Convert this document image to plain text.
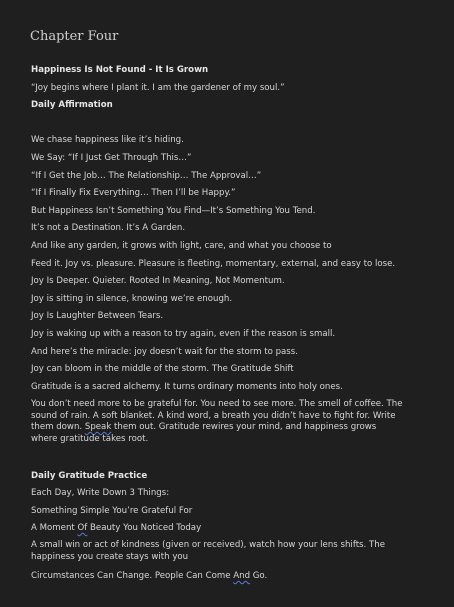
Chapter Four
Happiness Is Not Found - It Is Grown
“Joy begins where I plant it. I am the gardener of my soul.”
Daily Affirmation
We chase happiness like it’s hiding.
We Say: “If I Just Get Through This…”
“If I Get the Job… The Relationship… The Approval…”
“If I Finally Fix Everything… Then I’ll be Happy.”
But Happiness Isn’t Something You Find—It’s Something You Tend.
It’s not a Destination. It’s A Garden.
And like any garden, it grows with light, care, and what you choose to
Feed it. Joy vs. pleasure. Pleasure is fleeting, momentary, external, and easy to lose.
Joy Is Deeper. Quieter. Rooted In Meaning, Not Momentum.
Joy is sitting in silence, knowing we’re enough.
Joy Is Laughter Between Tears.
Joy is waking up with a reason to try again, even if the reason is small.
And here’s the miracle: joy doesn’t wait for the storm to pass.
Joy can bloom in the middle of the storm. The Gratitude Shift
Gratitude is a sacred alchemy. It turns ordinary moments into holy ones.
You don’t need more to be grateful for. You need to see more. The smell of coffee. The sound of rain. A soft blanket. A kind word, a breath you didn’t have to fight for. Write them down. Speak them out. Gratitude rewires your mind, and happiness grows where gratitude takes root.
Daily Gratitude Practice
Each Day, Write Down 3 Things:
Something Simple You’re Grateful For
A Moment Of Beauty You Noticed Today
A small win or act of kindness (given or received), watch how your lens shifts. The happiness you create stays with you
Circumstances Can Change. People Can Come And Go.
